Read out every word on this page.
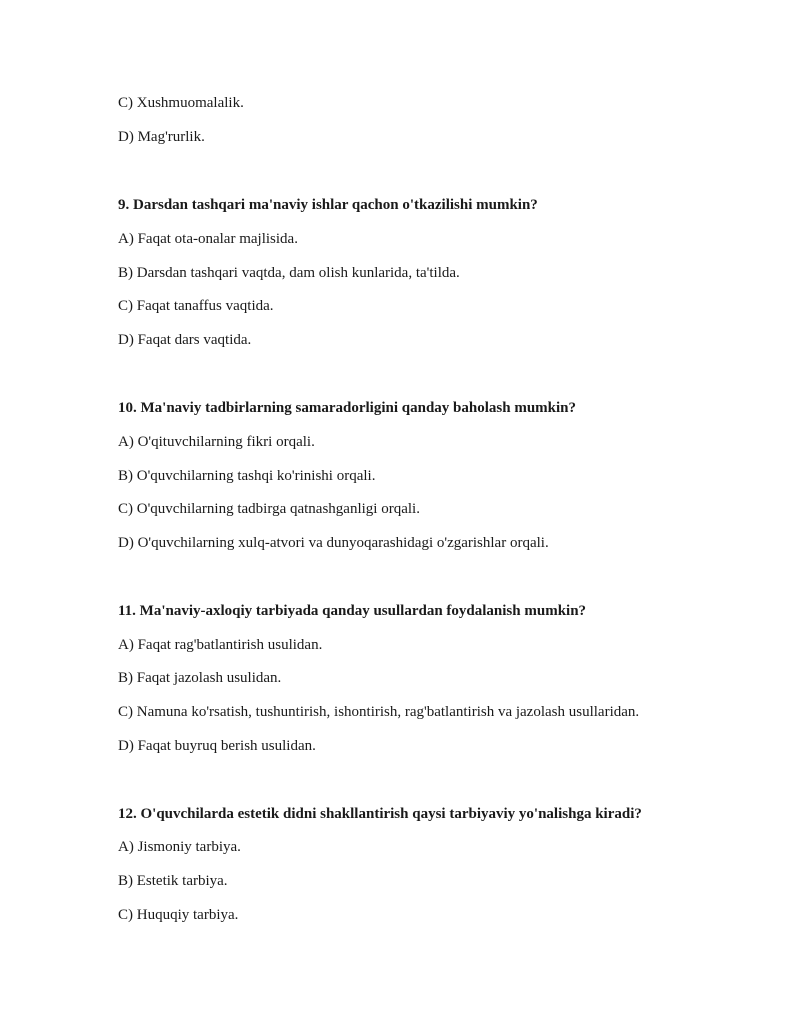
C) Xushmuomalalik.
D) Mag'rurlik.
9. Darsdan tashqari ma'naviy ishlar qachon o'tkazilishi mumkin?
A) Faqat ota-onalar majlisida.
B) Darsdan tashqari vaqtda, dam olish kunlarida, ta'tilda.
C) Faqat tanaffus vaqtida.
D) Faqat dars vaqtida.
10. Ma'naviy tadbirlarning samaradorligini qanday baholash mumkin?
A) O'qituvchilarning fikri orqali.
B) O'quvchilarning tashqi ko'rinishi orqali.
C) O'quvchilarning tadbirga qatnashganligi orqali.
D) O'quvchilarning xulq-atvori va dunyoqarashidagi o'zgarishlar orqali.
11. Ma'naviy-axloqiy tarbiyada qanday usullardan foydalanish mumkin?
A) Faqat rag'batlantirish usulidan.
B) Faqat jazolash usulidan.
C) Namuna ko'rsatish, tushuntirish, ishontirish, rag'batlantirish va jazolash usullaridan.
D) Faqat buyruq berish usulidan.
12. O'quvchilarda estetik didni shakllantirish qaysi tarbiyaviy yo'nalishga kiradi?
A) Jismoniy tarbiya.
B) Estetik tarbiya.
C) Huquqiy tarbiya.
